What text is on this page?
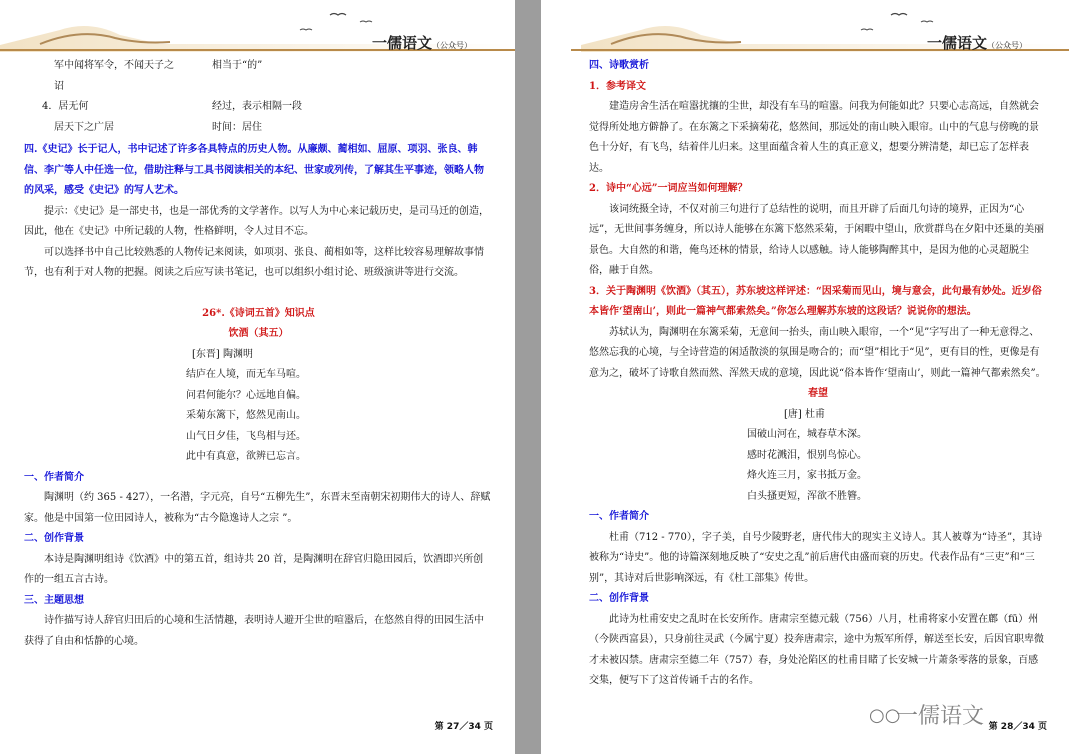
一儒语文（公众号）
军中闻将军令，不闻天子之诏
相当于“的”
4．居无何	经过，表示相隔一段
居天下之广居	时间：居住

四.《史记》长于记人，书中记述了许多各具特点的历史人物。从廉颇、蔺相如、屈原、项羽、张良、韩信、李广等人中任选一位，借助注释与工具书阅读相关的本纪、世家或列传，了解其生平事迹，领略人物的风采，感受《史记》的写人艺术。

提示：《史记》是一部史书，也是一部优秀的文学著作。以写人为中心来记载历史，是司马迁的创造，因此，他在《史记》中所记载的人物，性格鲜明，令人过目不忘。

可以选择书中自己比较熟悉的人物传记来阅读，如项羽、张良、蔺相如等，这样比较容易理解故事情节，也有利于对人物的把握。阅读之后应写读书笔记，也可以组织小组讨论、班级演讲等进行交流。

26*.《诗词五首》知识点

饮酒（其五）

[东晋] 陶渊明

结庐在人境，而无车马喧。

问君何能尔？心远地自偏。

采菊东篱下，悠然见南山。

山气日夕佳，飞鸟相与还。

此中有真意，欲辨已忘言。

一、作者简介

陶渊明（约 365 - 427），一名潜，字元亮，自号“五柳先生”，东晋末至南朝宋初期伟大的诗人、辞赋家。他是中国第一位田园诗人，被称为“古今隐逸诗人之宗 ”。

二、创作背景

本诗是陶渊明组诗《饮酒》中的第五首，组诗共 20 首，是陶渊明在辞官归隐田园后，饮酒即兴所创作的一组五言古诗。

三、主题思想

诗作描写诗人辞官归田后的心境和生活情趣，表明诗人避开尘世的喧嚣后，在悠然自得的田园生活中获得了自由和恬静的心境。

第 27／34 页
一儒语文（公众号）

四、诗歌赏析

1．参考译文

建造房舍生活在喧嚣扰攘的尘世，却没有车马的喧嚣。问我为何能如此？只要心志高远，自然就会觉得所处地方僻静了。在东篱之下采摘菊花，悠然间，那远处的南山映入眼帘。山中的气息与傍晚的景色十分好，有飞鸟，结着伴儿归来。这里面蕴含着人生的真正意义，想要分辨清楚，却已忘了怎样表达。

2．诗中“心远”一词应当如何理解？

该词统摄全诗，不仅对前三句进行了总结性的说明，而且开辟了后面几句诗的境界，正因为“心远”，无世间事务缠身，所以诗人能够在东篱下悠然采菊，于闲暇中望山，欣赏群鸟在夕阳中还巢的美丽景色。大自然的和谐，俺鸟还林的情景，给诗人以感触。诗人能够陶醉其中，是因为他的心灵超脱尘俗，融于自然。

3．关于陶渊明《饮酒》（其五），苏东坡这样评述：“因采菊而见山，境与意会，此句最有妙处。近岁俗本皆作‘望南山’，则此一篇神气都索然矣。”你怎么理解苏东坡的这段话？说说你的想法。

苏轼认为，陶渊明在东篱采菊，无意间一抬头，南山映入眼帘，一个“见”字写出了一种无意得之、悠然忘我的心境，与全诗营造的闲适散淡的氛围是吻合的；而“望”相比于“见”，更有目的性，更像是有意为之，破坏了诗歌自然而然、浑然天成的意境，因此说“俗本皆作‘望南山’，则此一篇神气都索然矣”。

春望

[唐] 杜甫

国破山河在，城春草木深。

感时花溅泪，恨别鸟惊心。

烽火连三月，家书抵万金。

白头搔更短，浑欲不胜簪。

一、作者简介

杜甫（712 - 770），字子美，自号少陵野老，唐代伟大的现实主义诗人。其人被尊为“诗圣”，其诗被称为“诗史”。他的诗篇深刻地反映了“安史之乱”前后唐代由盛而衰的历史。代表作品有“三吏”和“三别”，其诗对后世影响深远，有《杜工部集》传世。

二、创作背景

此诗为杜甫安史之乱时在长安所作。唐肃宗至德元载（756）八月，杜甫将家小安置在鄜（fū）州（今陕西富县），只身前往灵武（今属宁夏）投奔唐肃宗，途中为叛军所俘，解送至长安，后因官职卑微才未被囚禁。唐肃宗至德二年（757）春，身处沦陷区的杜甫目睹了长安城一片萧条零落的景象，百感交集，便写下了这首传诵千古的名作。

○○
一儒语文 第 28／34 页
